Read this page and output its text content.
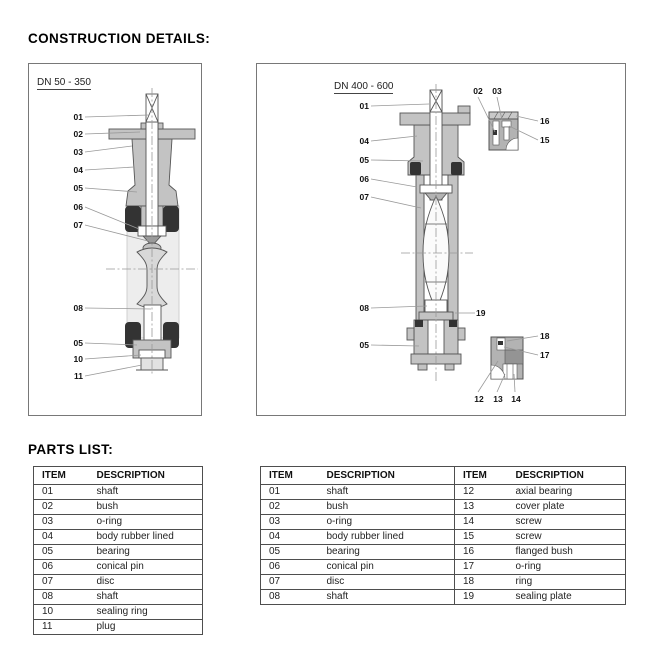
CONSTRUCTION DETAILS:
DN 50 - 350
01
02
03
04
05
06
07
08
05
10
11
DN 400 - 600
01
04
05
06
07
08
05
19
02	03
16
15
18
17
12	13	14
PARTS LIST:
ITEM	DESCRIPTION
01	shaft
02	bush
03	o-ring
04	body rubber lined
05	bearing
06	conical pin
07	disc
08	shaft
10	sealing ring
11	plug
ITEM	DESCRIPTION	ITEM	DESCRIPTION
01	shaft	12	axial bearing
02	bush	13	cover plate
03	o-ring	14	screw
04	body rubber lined	15	screw
05	bearing	16	flanged bush
06	conical pin	17	o-ring
07	disc	18	ring
08	shaft	19	sealing plate
